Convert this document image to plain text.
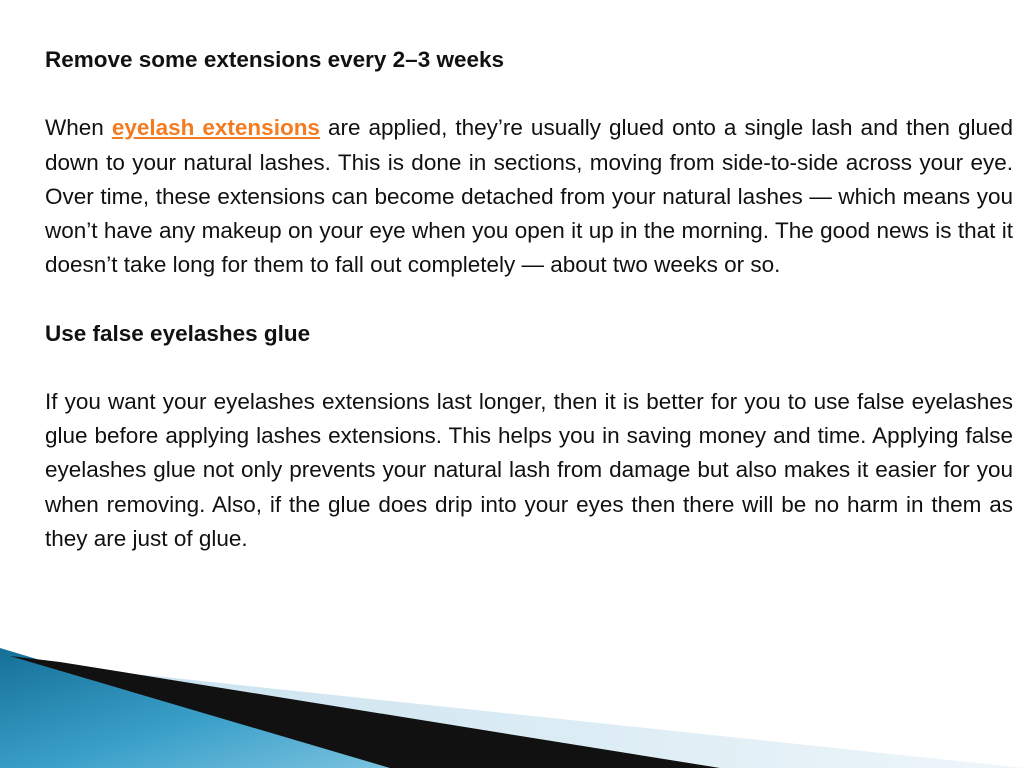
Remove some extensions every 2–3 weeks

When eyelash extensions are applied, they’re usually glued onto a single lash and then glued down to your natural lashes. This is done in sections, moving from side-to-side across your eye. Over time, these extensions can become detached from your natural lashes — which means you won’t have any makeup on your eye when you open it up in the morning. The good news is that it doesn’t take long for them to fall out completely — about two weeks or so.

Use false eyelashes glue

If you want your eyelashes extensions last longer, then it is better for you to use false eyelashes glue before applying lashes extensions. This helps you in saving money and time. Applying false eyelashes glue not only prevents your natural lash from damage but also makes it easier for you when removing. Also, if the glue does drip into your eyes then there will be no harm in them as they are just of glue.
